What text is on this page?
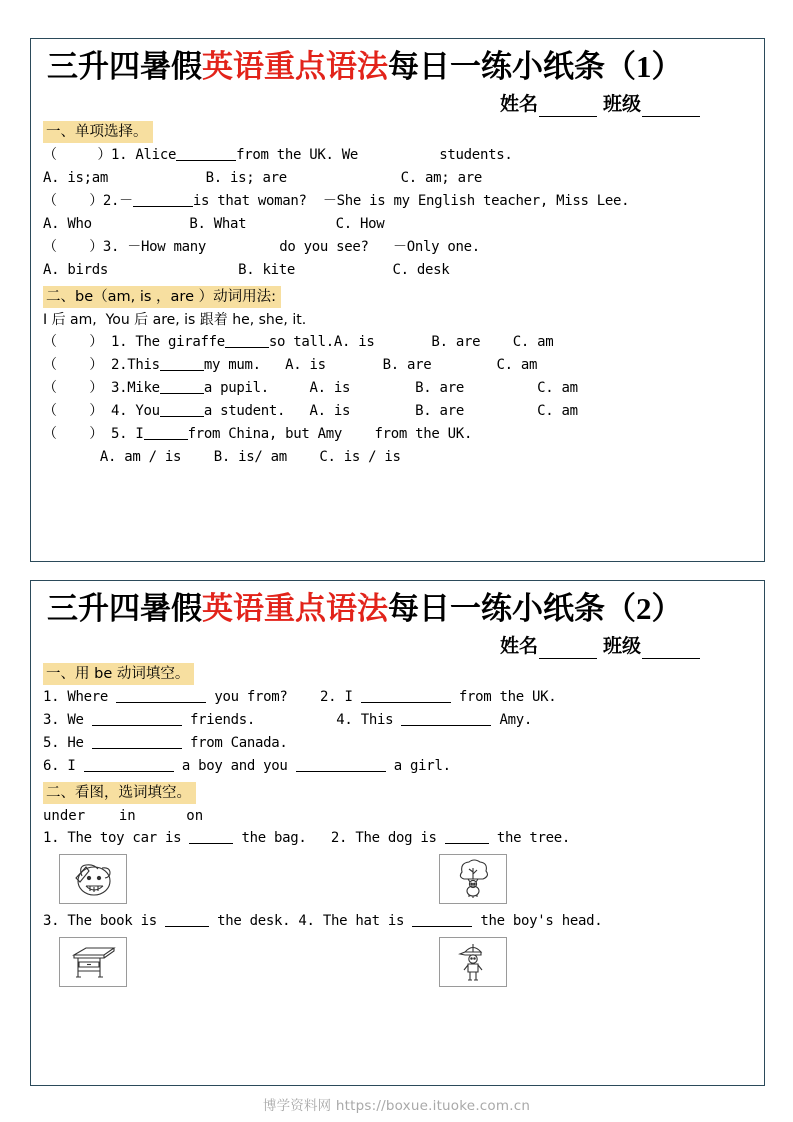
三升四暑假英语重点语法每日一练小纸条（1）
姓名	班级
一、单项选择。
（     ）1. Alice	from the UK. We          students.
A. is;am            B. is; are              C. am; are
（    ）2.－	is that woman?  －She is my English teacher, Miss Lee.
A. Who            B. What           C. How
（    ）3. －How many         do you see?   －Only one.
A. birds                B. kite            C. desk
二、be（am, is ，are ）动词用法:
I 后 am,  You 后 are, is 跟着 he, she, it.
（    ） 1. The giraffe	so tall.A. is       B. are    C. am
（    ） 2.This	my mum.   A. is       B. are        C. am
（    ） 3.Mike	a pupil.     A. is        B. are         C. am
（    ） 4. You	a student.   A. is        B. are         C. am
（    ） 5. I	from China, but Amy    from the UK.
A. am / is    B. is/ am    C. is / is
三升四暑假英语重点语法每日一练小纸条（2）
姓名	班级
一、用 be 动词填空。
1. Where	you from? 2. I	from the UK.
3. We	friends.	4. This	Amy.
5. He	from Canada.
6. I	a boy and you	a girl.
二、看图，选词填空。
under    in      on
1. The toy car is	the bag. 2. The dog is	the tree.
3. The book is	the desk. 4. The hat is	the boy's head.
博学资料网 https://boxue.ituoke.com.cn
